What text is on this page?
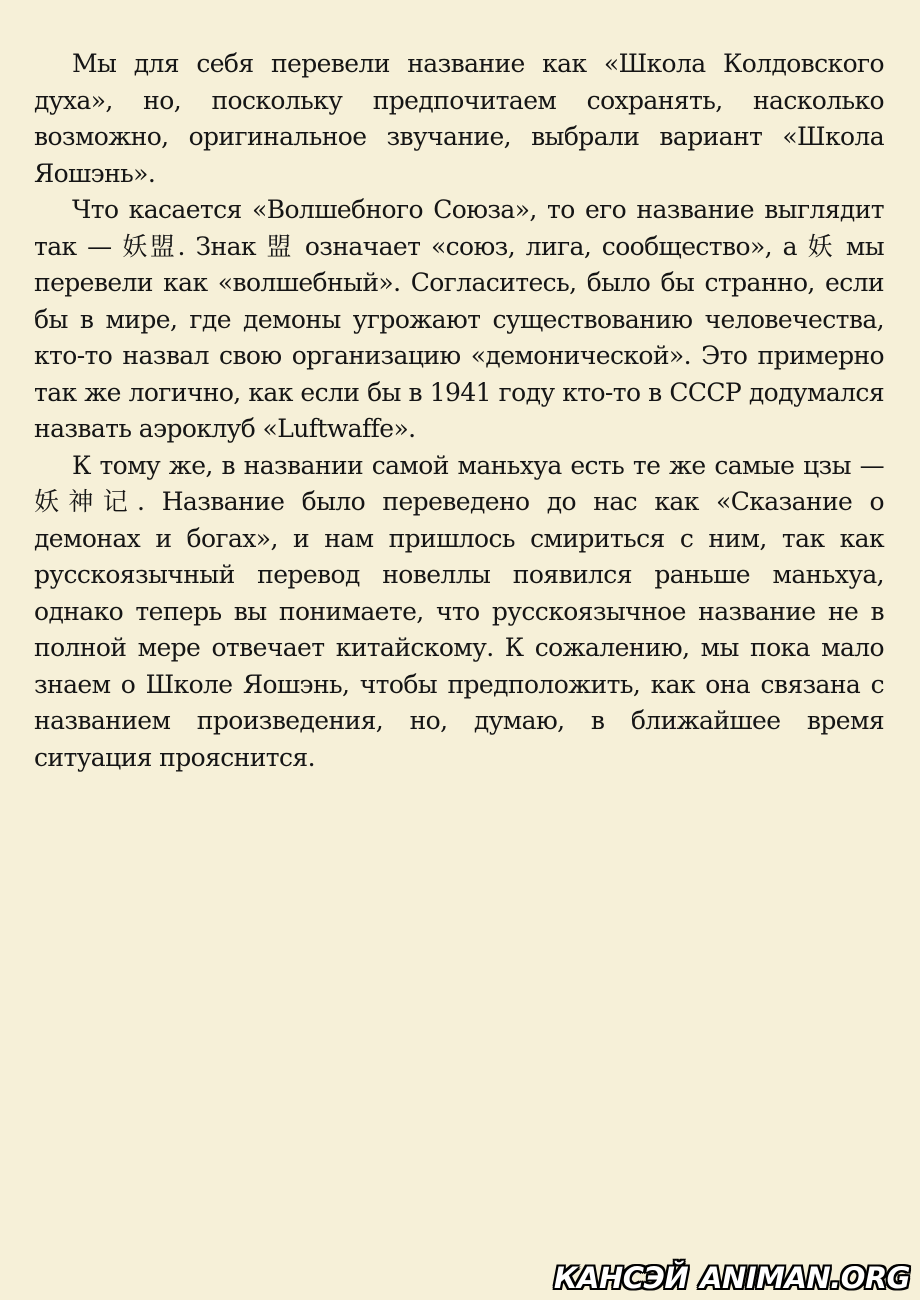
Мы для себя перевели название как «Школа Колдовского духа», но, поскольку предпочитаем сохранять, насколько возможно, оригинальное звучание, выбрали вариант «Школа Яошэнь».

Что касается «Волшебного Союза», то его название выглядит так — 妖盟. Знак 盟 означает «союз, лига, сообщество», а 妖 мы перевели как «волшебный». Согласитесь, было бы странно, если бы в мире, где демоны угрожают существованию человечества, кто-то назвал свою организацию «демонической». Это примерно так же логично, как если бы в 1941 году кто-то в СССР додумался назвать аэроклуб «Luftwaffe».

К тому же, в названии самой маньхуа есть те же самые цзы — 妖神记. Название было переведено до нас как «Сказание о демонах и богах», и нам пришлось смириться с ним, так как русскоязычный перевод новеллы появился раньше маньхуа, однако теперь вы понимаете, что русскоязычное название не в полной мере отвечает китайскому. К сожалению, мы пока мало знаем о Школе Яошэнь, чтобы предположить, как она связана с названием произведения, но, думаю, в ближайшее время ситуация прояснится.

КАНСЭЙ ANIMAN.ORG
